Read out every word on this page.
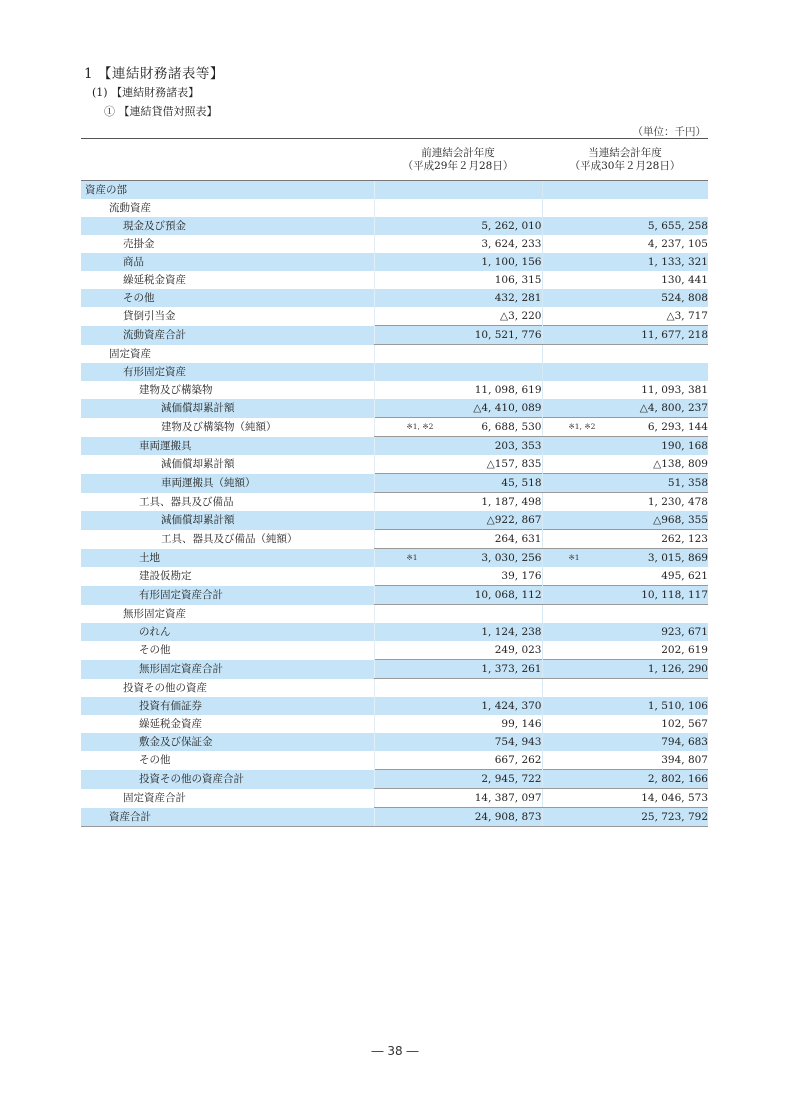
1 【連結財務諸表等】
(1) 【連結財務諸表】
① 【連結貸借対照表】
（単位：千円）

前連結会計年度
（平成29年２月28日）

当連結会計年度
（平成30年２月28日）

資産の部		
流動資産		
現金及び預金	5, 262, 010	5, 655, 258
売掛金	3, 624, 233	4, 237, 105
商品	1, 100, 156	1, 133, 321
繰延税金資産	106, 315	130, 441
その他	432, 281	524, 808
貸倒引当金	△3, 220	△3, 717
流動資産合計	10, 521, 776	11, 677, 218
固定資産		
有形固定資産		
建物及び構築物	11, 098, 619	11, 093, 381
減価償却累計額	△4, 410, 089	△4, 800, 237
建物及び構築物（純額）	※1, ※2 6, 688, 530	※1, ※2 6, 293, 144
車両運搬具	203, 353	190, 168
減価償却累計額	△157, 835	△138, 809
車両運搬具（純額）	45, 518	51, 358
工具、器具及び備品	1, 187, 498	1, 230, 478
減価償却累計額	△922, 867	△968, 355
工具、器具及び備品（純額）	264, 631	262, 123
土地	※1 3, 030, 256	※1 3, 015, 869
建設仮勘定	39, 176	495, 621
有形固定資産合計	10, 068, 112	10, 118, 117
無形固定資産		
のれん	1, 124, 238	923, 671
その他	249, 023	202, 619
無形固定資産合計	1, 373, 261	1, 126, 290
投資その他の資産		
投資有価証券	1, 424, 370	1, 510, 106
繰延税金資産	99, 146	102, 567
敷金及び保証金	754, 943	794, 683
その他	667, 262	394, 807
投資その他の資産合計	2, 945, 722	2, 802, 166
固定資産合計	14, 387, 097	14, 046, 573
資産合計	24, 908, 873	25, 723, 792
― 38 ―
